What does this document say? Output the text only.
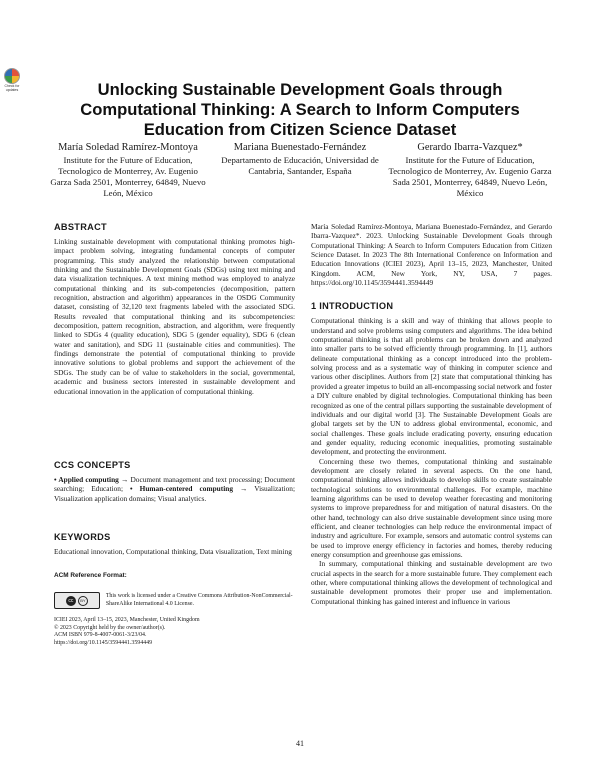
Check for updates	Unlocking Sustainable Development Goals through Computational Thinking: A Search to Inform Computers Education from Citizen Science Dataset
María Soledad Ramírez-Montoya
Institute for the Future of Education, Tecnologico de Monterrey, Av. Eugenio Garza Sada 2501, Monterrey, 64849, Nuevo León, México
Mariana Buenestado-Fernández
Departamento de Educación, Universidad de Cantabria, Santander, España
Gerardo Ibarra-Vazquez*
Institute for the Future of Education, Tecnologico de Monterrey, Av. Eugenio Garza Sada 2501, Monterrey, 64849, Nuevo León, México
ABSTRACT

Linking sustainable development with computational thinking promotes high-impact problem solving, integrating fundamental concepts of computer programming. This study analyzed the relationship between computational thinking and the Sustainable Development Goals (SDGs) using text mining and data visualization techniques. A text mining method was employed to analyze computational thinking and its sub-competencies (decomposition, pattern recognition, abstraction and algorithm) appearances in the OSDG Community dataset, consisting of 32,120 text fragments labeled with the associated SDG. Results revealed that computational thinking and its subcompetencies: decomposition, pattern recognition, abstraction, and algorithm, were frequently linked to SDGs 4 (quality education), SDG 5 (gender equality), SDG 6 (clean water and sanitation), and SDG 11 (sustainable cities and communities). The findings demonstrate the potential of computational thinking to provide innovative solutions to global problems and support the achievement of the SDGs. The study can be of value to stakeholders in the social, governmental, academic and business sectors interested in sustainable development and educational innovation in the application of computational thinking.

CCS CONCEPTS

• Applied computing → Document management and text processing; Document searching; Education; • Human-centered computing → Visualization; Visualization application domains; Visual analytics.

KEYWORDS

Educational innovation, Computational thinking, Data visualization, Text mining

ACM Reference Format:
cc	BY
This work is licensed under a Creative Commons Attribution-NonCommercial-ShareAlike International 4.0 License.
ICIEI 2023, April 13–15, 2023, Manchester, United Kingdom
© 2023 Copyright held by the owner/author(s).
ACM ISBN 979-8-4007-0061-3/23/04.
https://doi.org/10.1145/3594441.3594449

María Soledad Ramírez-Montoya, Mariana Buenestado-Fernández, and Gerardo Ibarra-Vazquez*. 2023. Unlocking Sustainable Development Goals through Computational Thinking: A Search to Inform Computers Education from Citizen Science Dataset. In 2023 The 8th International Conference on Information and Education Innovations (ICIEI 2023), April 13–15, 2023, Manchester, United Kingdom. ACM, New York, NY, USA, 7 pages. https://doi.org/10.1145/3594441.3594449

1 INTRODUCTION

Computational thinking is a skill and way of thinking that allows people to understand and solve problems using computers and algorithms. The idea behind computational thinking is that all problems can be broken down and analyzed into smaller parts to be solved efficiently through programming. In [1], authors delineate computational thinking as a concept introduced into the problem-solving process and as a systematic way of thinking in computer science and various other disciplines. Authors from [2] state that computational thinking has provided a greater impetus to build an all-encompassing social network and foster a DIY culture enabled by digital technologies. Computational thinking has been recognized as one of the central pillars supporting the sustainable development of individuals and our digital world [3]. The Sustainable Development Goals are global targets set by the UN to address global environmental, economic, and social challenges. These goals include eradicating poverty, ensuring education and gender equality, reducing economic inequalities, promoting sustainable development, and protecting the environment.

Concerning these two themes, computational thinking and sustainable development are closely related in several aspects. On the one hand, computational thinking allows individuals to develop skills to create sustainable technological solutions to environmental challenges. For example, machine learning algorithms can be used to develop weather forecasting and monitoring systems to improve preparedness for and mitigation of natural disasters. On the other hand, technology can also drive sustainable development since using more efficient, and cleaner technologies can help reduce the environmental impact of industry and agriculture. For example, sensors and automatic control systems can be used to improve energy efficiency in factories and homes, thereby reducing energy consumption and greenhouse gas emissions.

In summary, computational thinking and sustainable development are two crucial aspects in the search for a more sustainable future. They complement each other, where computational thinking allows the development of technological and sustainable development promotes their proper use and implementation. Computational thinking has gained interest and influence in various

41
